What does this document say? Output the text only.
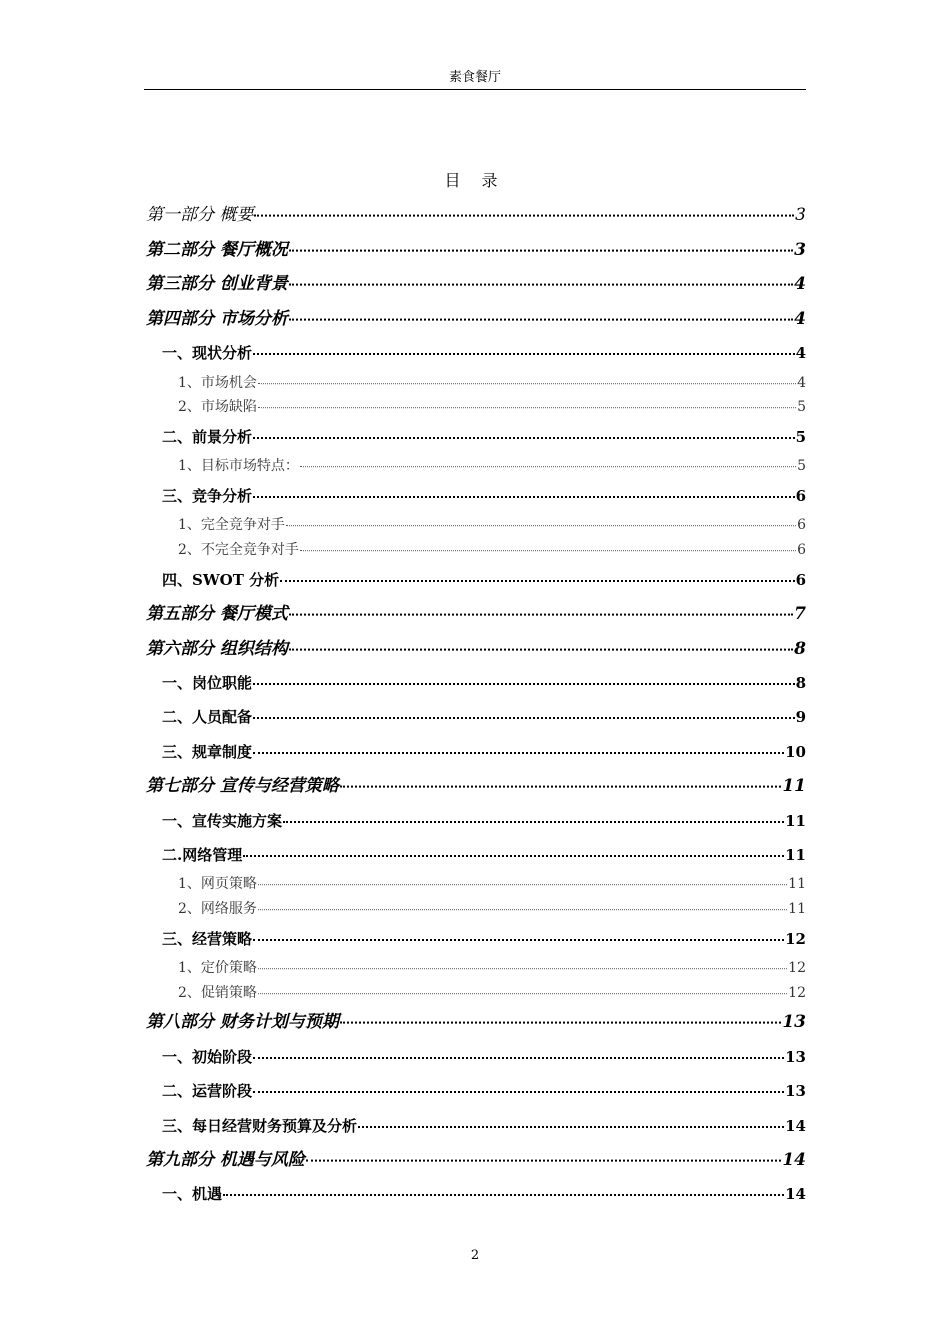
素食餐厅
目 录
第一部分 概要	3
第二部分 餐厅概况	3
第三部分 创业背景	4
第四部分 市场分析	4
一、现状分析	4
1、市场机会	4
2、市场缺陷	5
二、前景分析	5
1、目标市场特点：	5
三、竞争分析	6
1、完全竞争对手	6
2、不完全竞争对手	6
四、SWOT 分析	6
第五部分 餐厅模式	7
第六部分 组织结构	8
一、岗位职能	8
二、人员配备	9
三、规章制度	10
第七部分 宣传与经营策略	11
一、宣传实施方案	11
二.网络管理	11
1、网页策略	11
2、网络服务	11
三、经营策略	12
1、定价策略	12
2、促销策略	12
第八部分 财务计划与预期	13
一、初始阶段	13
二、运营阶段	13
三、每日经营财务预算及分析	14
第九部分 机遇与风险	14
一、机遇	14
2
